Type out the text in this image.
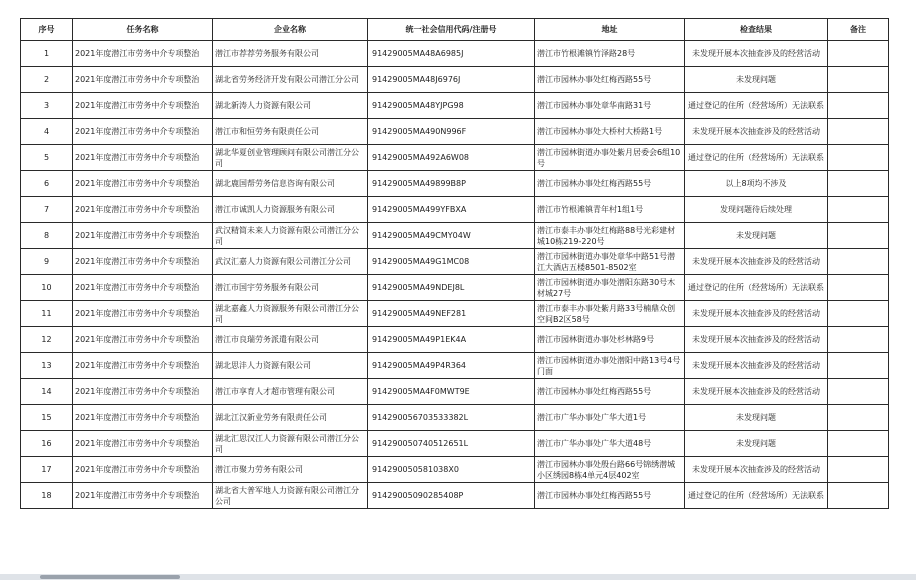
序号	任务名称	企业名称	统一社会信用代码/注册号	地址	检查结果	备注
1	2021年度潜江市劳务中介专项整治	潜江市荐荐劳务服务有限公司	91429005MA48A6985J	潜江市竹根滩镇竹泽路28号	未发现开展本次抽查涉及的经营活动	
2	2021年度潜江市劳务中介专项整治	湖北省劳务经济开发有限公司潜江分公司	91429005MA48J6976J	潜江市园林办事处红梅西路55号	未发现问题	
3	2021年度潜江市劳务中介专项整治	湖北新涛人力资源有限公司	91429005MA48YJPG98	潜江市园林办事处章华南路31号	通过登记的住所（经营场所）无法联系	
4	2021年度潜江市劳务中介专项整治	潜江市和恒劳务有限责任公司	91429005MA490N996F	潜江市园林办事处大桥村大桥路1号	未发现开展本次抽查涉及的经营活动	
5	2021年度潜江市劳务中介专项整治	湖北华夏创业管理顾问有限公司潜江分公司	91429005MA492A6W08	潜江市园林街道办事处紫月居委会6组10号	通过登记的住所（经营场所）无法联系	
6	2021年度潜江市劳务中介专项整治	湖北鹿国帮劳务信息咨询有限公司	91429005MA49899B8P	潜江市园林办事处红梅西路55号	以上8项均不涉及	
7	2021年度潜江市劳务中介专项整治	潜江市诚凯人力资源服务有限公司	91429005MA499YFBXA	潜江市竹根滩镇青年村1组1号	发现问题待后续处理	
8	2021年度潜江市劳务中介专项整治	武汉精简未来人力资源有限公司潜江分公司	91429005MA49CMY04W	潜江市泰丰办事处红梅路88号光彩建材城10栋219-220号	未发现问题	
9	2021年度潜江市劳务中介专项整治	武汉汇嘉人力资源有限公司潜江分公司	91429005MA49G1MC08	潜江市园林街道办事处章华中路51号潜江大酒店五楼8501-8502室	未发现开展本次抽查涉及的经营活动	
10	2021年度潜江市劳务中介专项整治	潜江市国宇劳务服务有限公司	91429005MA49NDEJ8L	潜江市园林街道办事处潜阳东路30号木材城27号	通过登记的住所（经营场所）无法联系	
11	2021年度潜江市劳务中介专项整治	湖北嘉鑫人力资源服务有限公司潜江分公司	91429005MA49NEF281	潜江市泰丰办事处紫月路33号楠鼎众创空间B2区58号	未发现开展本次抽查涉及的经营活动	
12	2021年度潜江市劳务中介专项整治	潜江市良瑞劳务派遣有限公司	91429005MA49P1EK4A	潜江市园林街道办事处杉林路9号	未发现开展本次抽查涉及的经营活动	
13	2021年度潜江市劳务中介专项整治	湖北思沣人力资源有限公司	91429005MA49P4R364	潜江市园林街道办事处潜阳中路13号4号门面	未发现开展本次抽查涉及的经营活动	
14	2021年度潜江市劳务中介专项整治	潜江市享育人才超市管理有限公司	91429005MA4F0MWT9E	潜江市园林办事处红梅西路55号	未发现开展本次抽查涉及的经营活动	
15	2021年度潜江市劳务中介专项整治	湖北江汉新业劳务有限责任公司	914290056703533382L	潜江市广华办事处广华大道1号	未发现问题	
16	2021年度潜江市劳务中介专项整治	湖北汇思汉江人力资源有限公司潜江分公司	914290050740512651L	潜江市广华办事处广华大道48号	未发现问题	
17	2021年度潜江市劳务中介专项整治	潜江市聚力劳务有限公司	914290050581038X0	潜江市园林办事处殷台路66号锦绣潜城小区绣园8栋4单元4层402室	未发现开展本次抽查涉及的经营活动	
18	2021年度潜江市劳务中介专项整治	湖北省大普军地人力资源有限公司潜江分公司	91429005090285408P	潜江市园林办事处红梅西路55号	通过登记的住所（经营场所）无法联系	
